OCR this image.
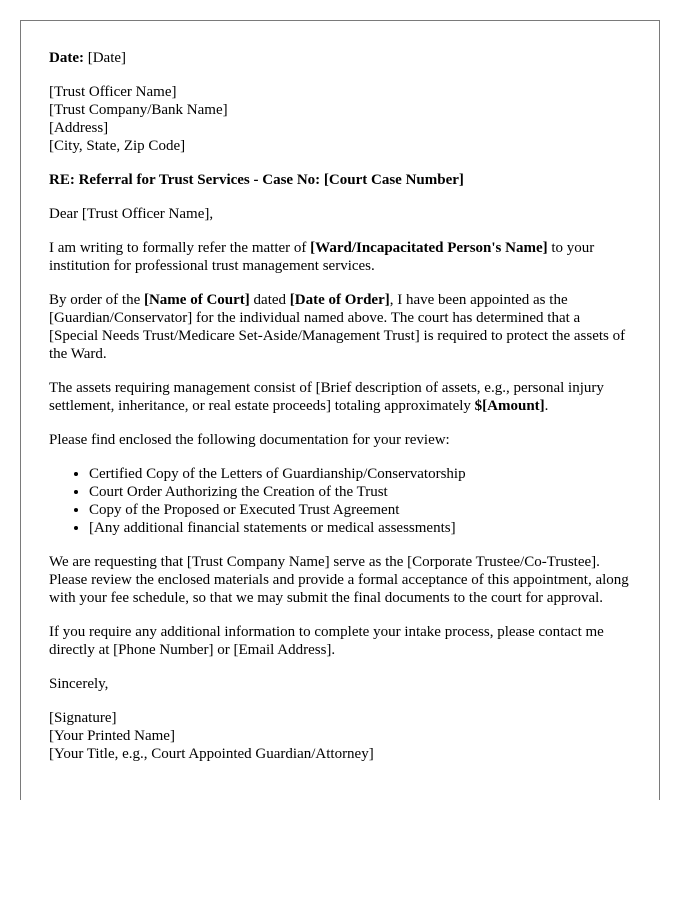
Date: [Date]

[Trust Officer Name]
[Trust Company/Bank Name]
[Address]
[City, State, Zip Code]

RE: Referral for Trust Services - Case No: [Court Case Number]

Dear [Trust Officer Name],

I am writing to formally refer the matter of [Ward/Incapacitated Person's Name] to your institution for professional trust management services.

By order of the [Name of Court] dated [Date of Order], I have been appointed as the [Guardian/Conservator] for the individual named above. The court has determined that a [Special Needs Trust/Medicare Set-Aside/Management Trust] is required to protect the assets of the Ward.

The assets requiring management consist of [Brief description of assets, e.g., personal injury settlement, inheritance, or real estate proceeds] totaling approximately $[Amount].

Please find enclosed the following documentation for your review:

• Certified Copy of the Letters of Guardianship/Conservatorship
• Court Order Authorizing the Creation of the Trust
• Copy of the Proposed or Executed Trust Agreement
• [Any additional financial statements or medical assessments]

We are requesting that [Trust Company Name] serve as the [Corporate Trustee/Co-Trustee]. Please review the enclosed materials and provide a formal acceptance of this appointment, along with your fee schedule, so that we may submit the final documents to the court for approval.

If you require any additional information to complete your intake process, please contact me directly at [Phone Number] or [Email Address].

Sincerely,

[Signature]
[Your Printed Name]
[Your Title, e.g., Court Appointed Guardian/Attorney]
